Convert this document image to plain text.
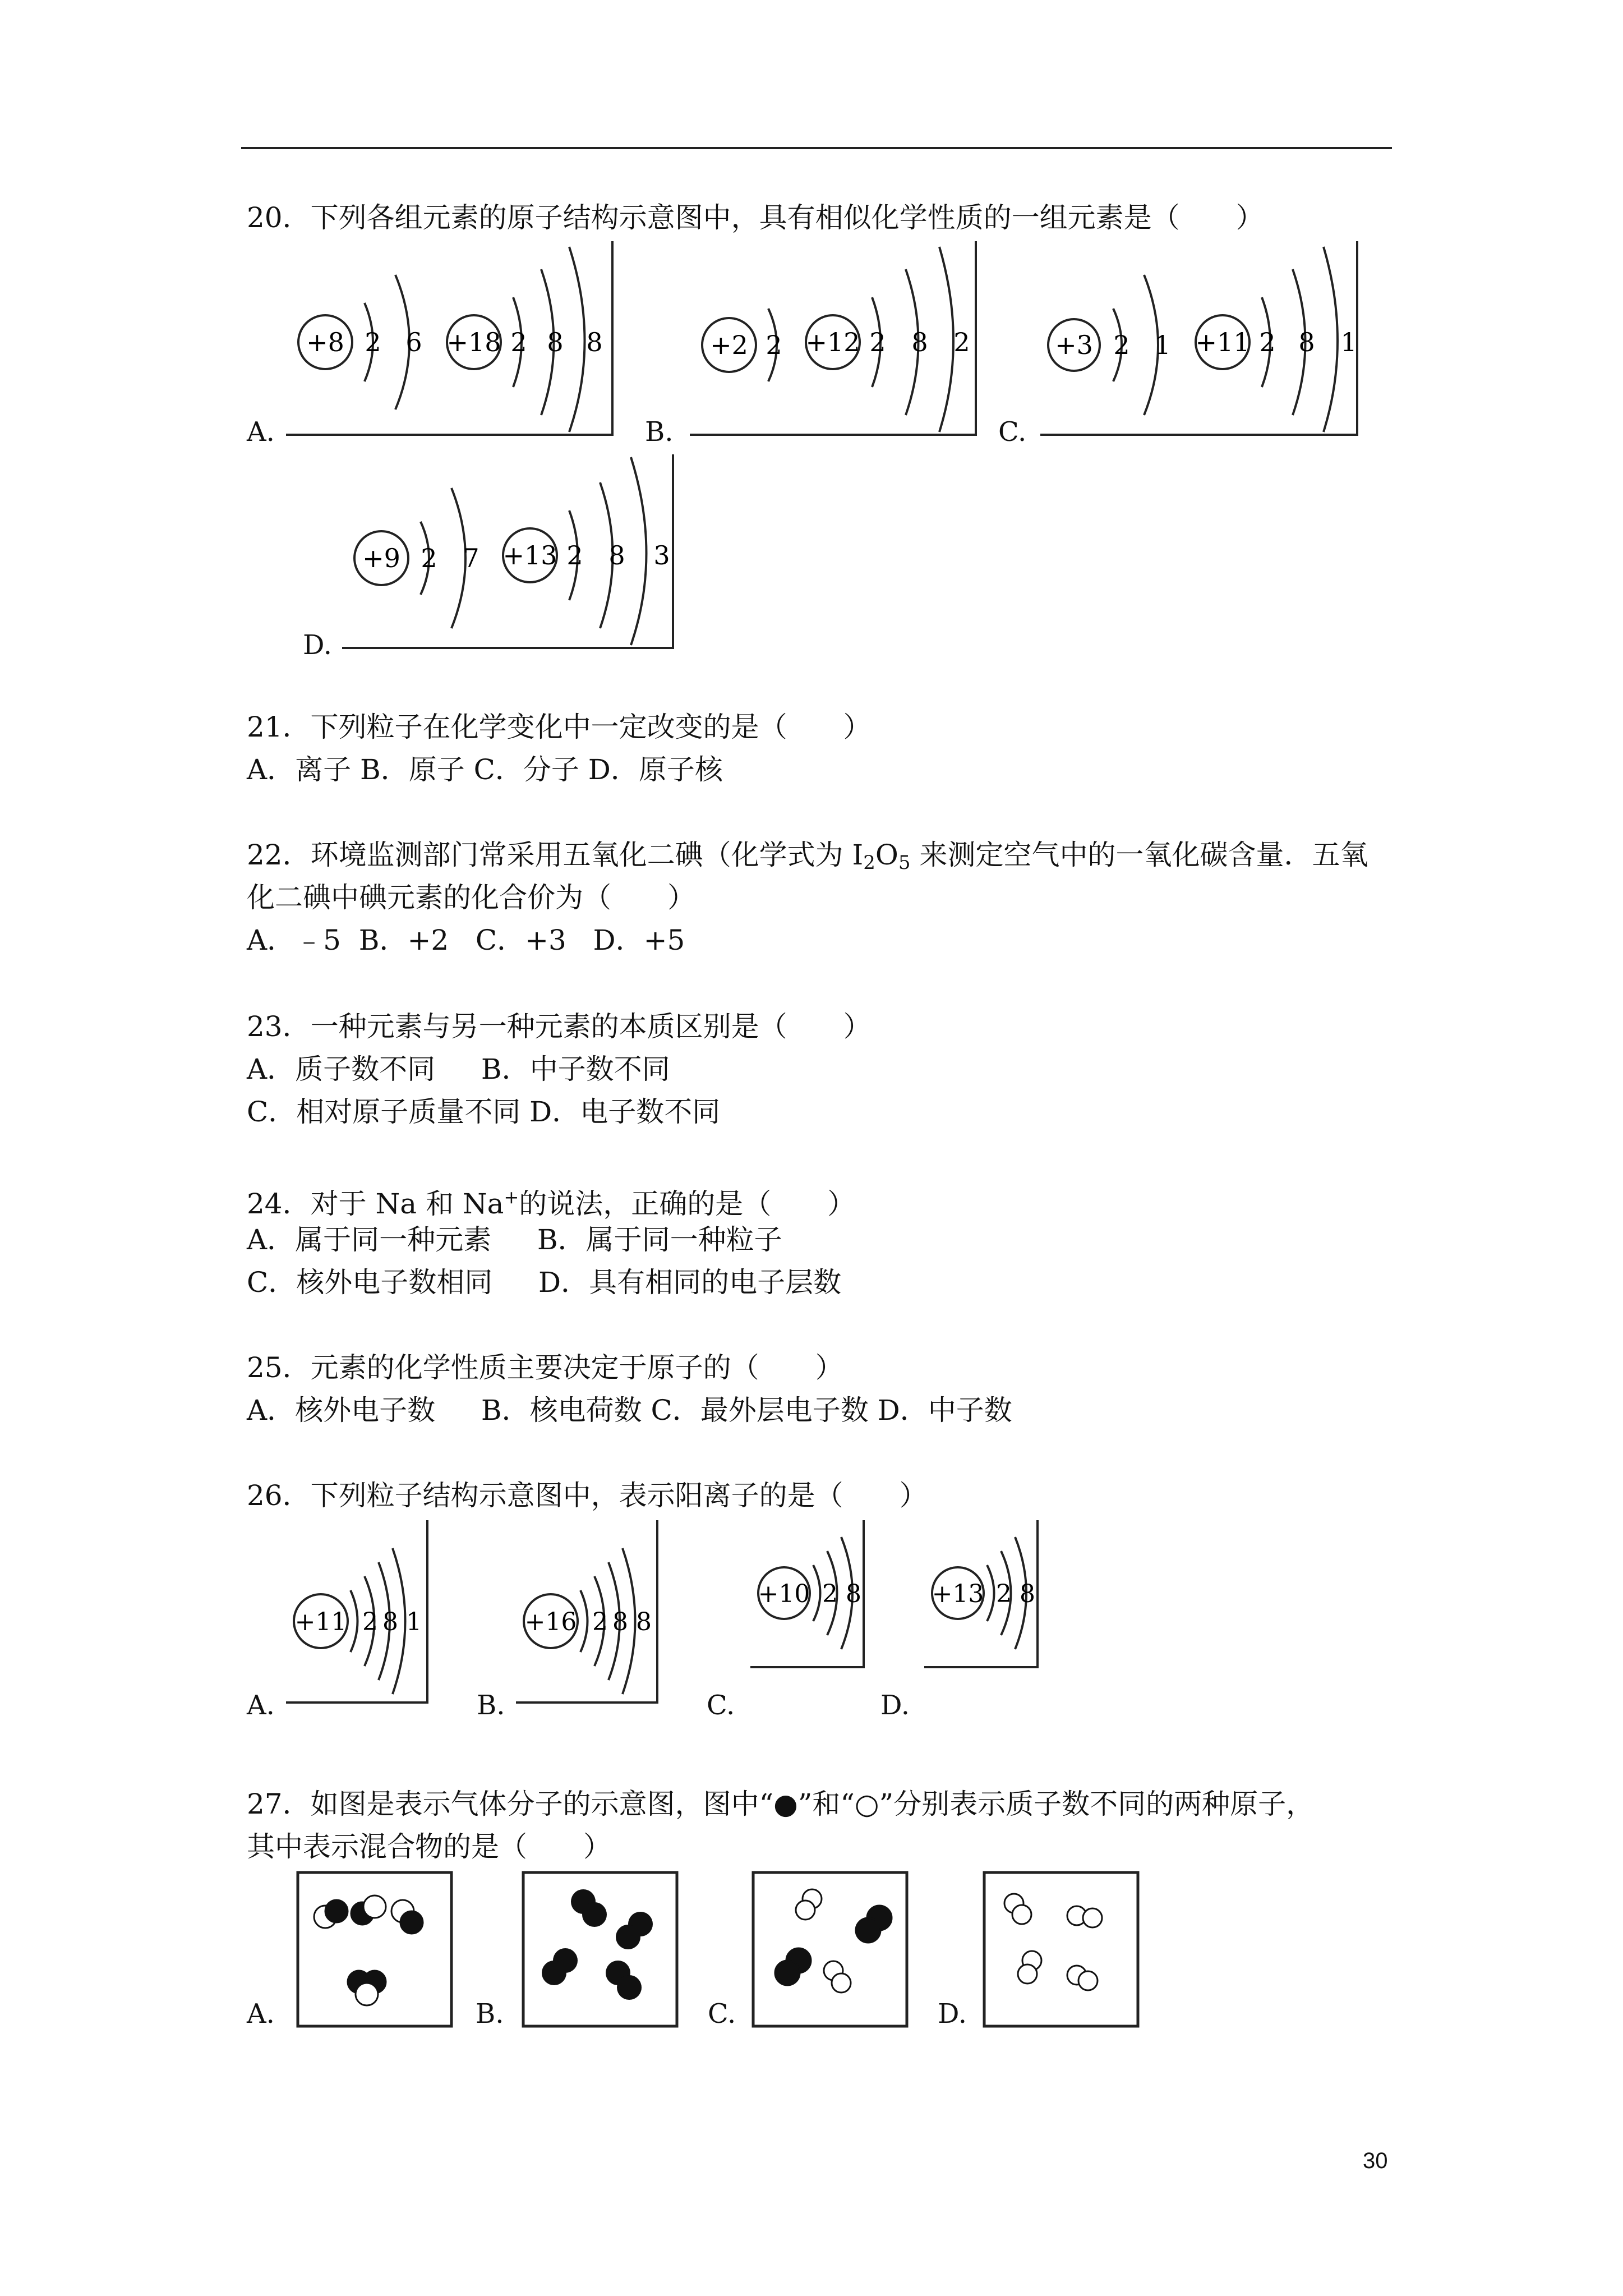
20．下列各组元素的原子结构示意图中，具有相似化学性质的一组元素是（　　）
A.
+8 2 6 +18 2 8 8
B.
+2 2 +12 2 8 2
C.
+3 2 1 +11 2 8 1
D.
+9 2 7 +13 2 8 3
21．下列粒子在化学变化中一定改变的是（　　）
A．离子 B．原子 C．分子 D．原子核
22．环境监测部门常采用五氧化二碘（化学式为 $I_2O_5$ 来测定空气中的一氧化碳含量．五氧
化二碘中碘元素的化合价为（　　）
A．﹣5  B．+2   C．+3   D．+5
23．一种元素与另一种元素的本质区别是（　　）
A．质子数不同　  B．中子数不同
C．相对原子质量不同 D．电子数不同
24．对于 Na 和 Na+的说法，正确的是（　　）
A．属于同一种元素　  B．属于同一种粒子
C．核外电子数相同　  D．具有相同的电子层数
25．元素的化学性质主要决定于原子的（　　）
A．核外电子数　  B．核电荷数 C．最外层电子数 D．中子数
26．下列粒子结构示意图中，表示阳离子的是（　　）
A.
+11 2 8 1
B.
+16 2 8 8
C.
+10 2 8
D.
+13 2 8
27．如图是表示气体分子的示意图，图中“●”和“○”分别表示质子数不同的两种原子，
其中表示混合物的是（　　）
A.	B.	C.	D.
30
